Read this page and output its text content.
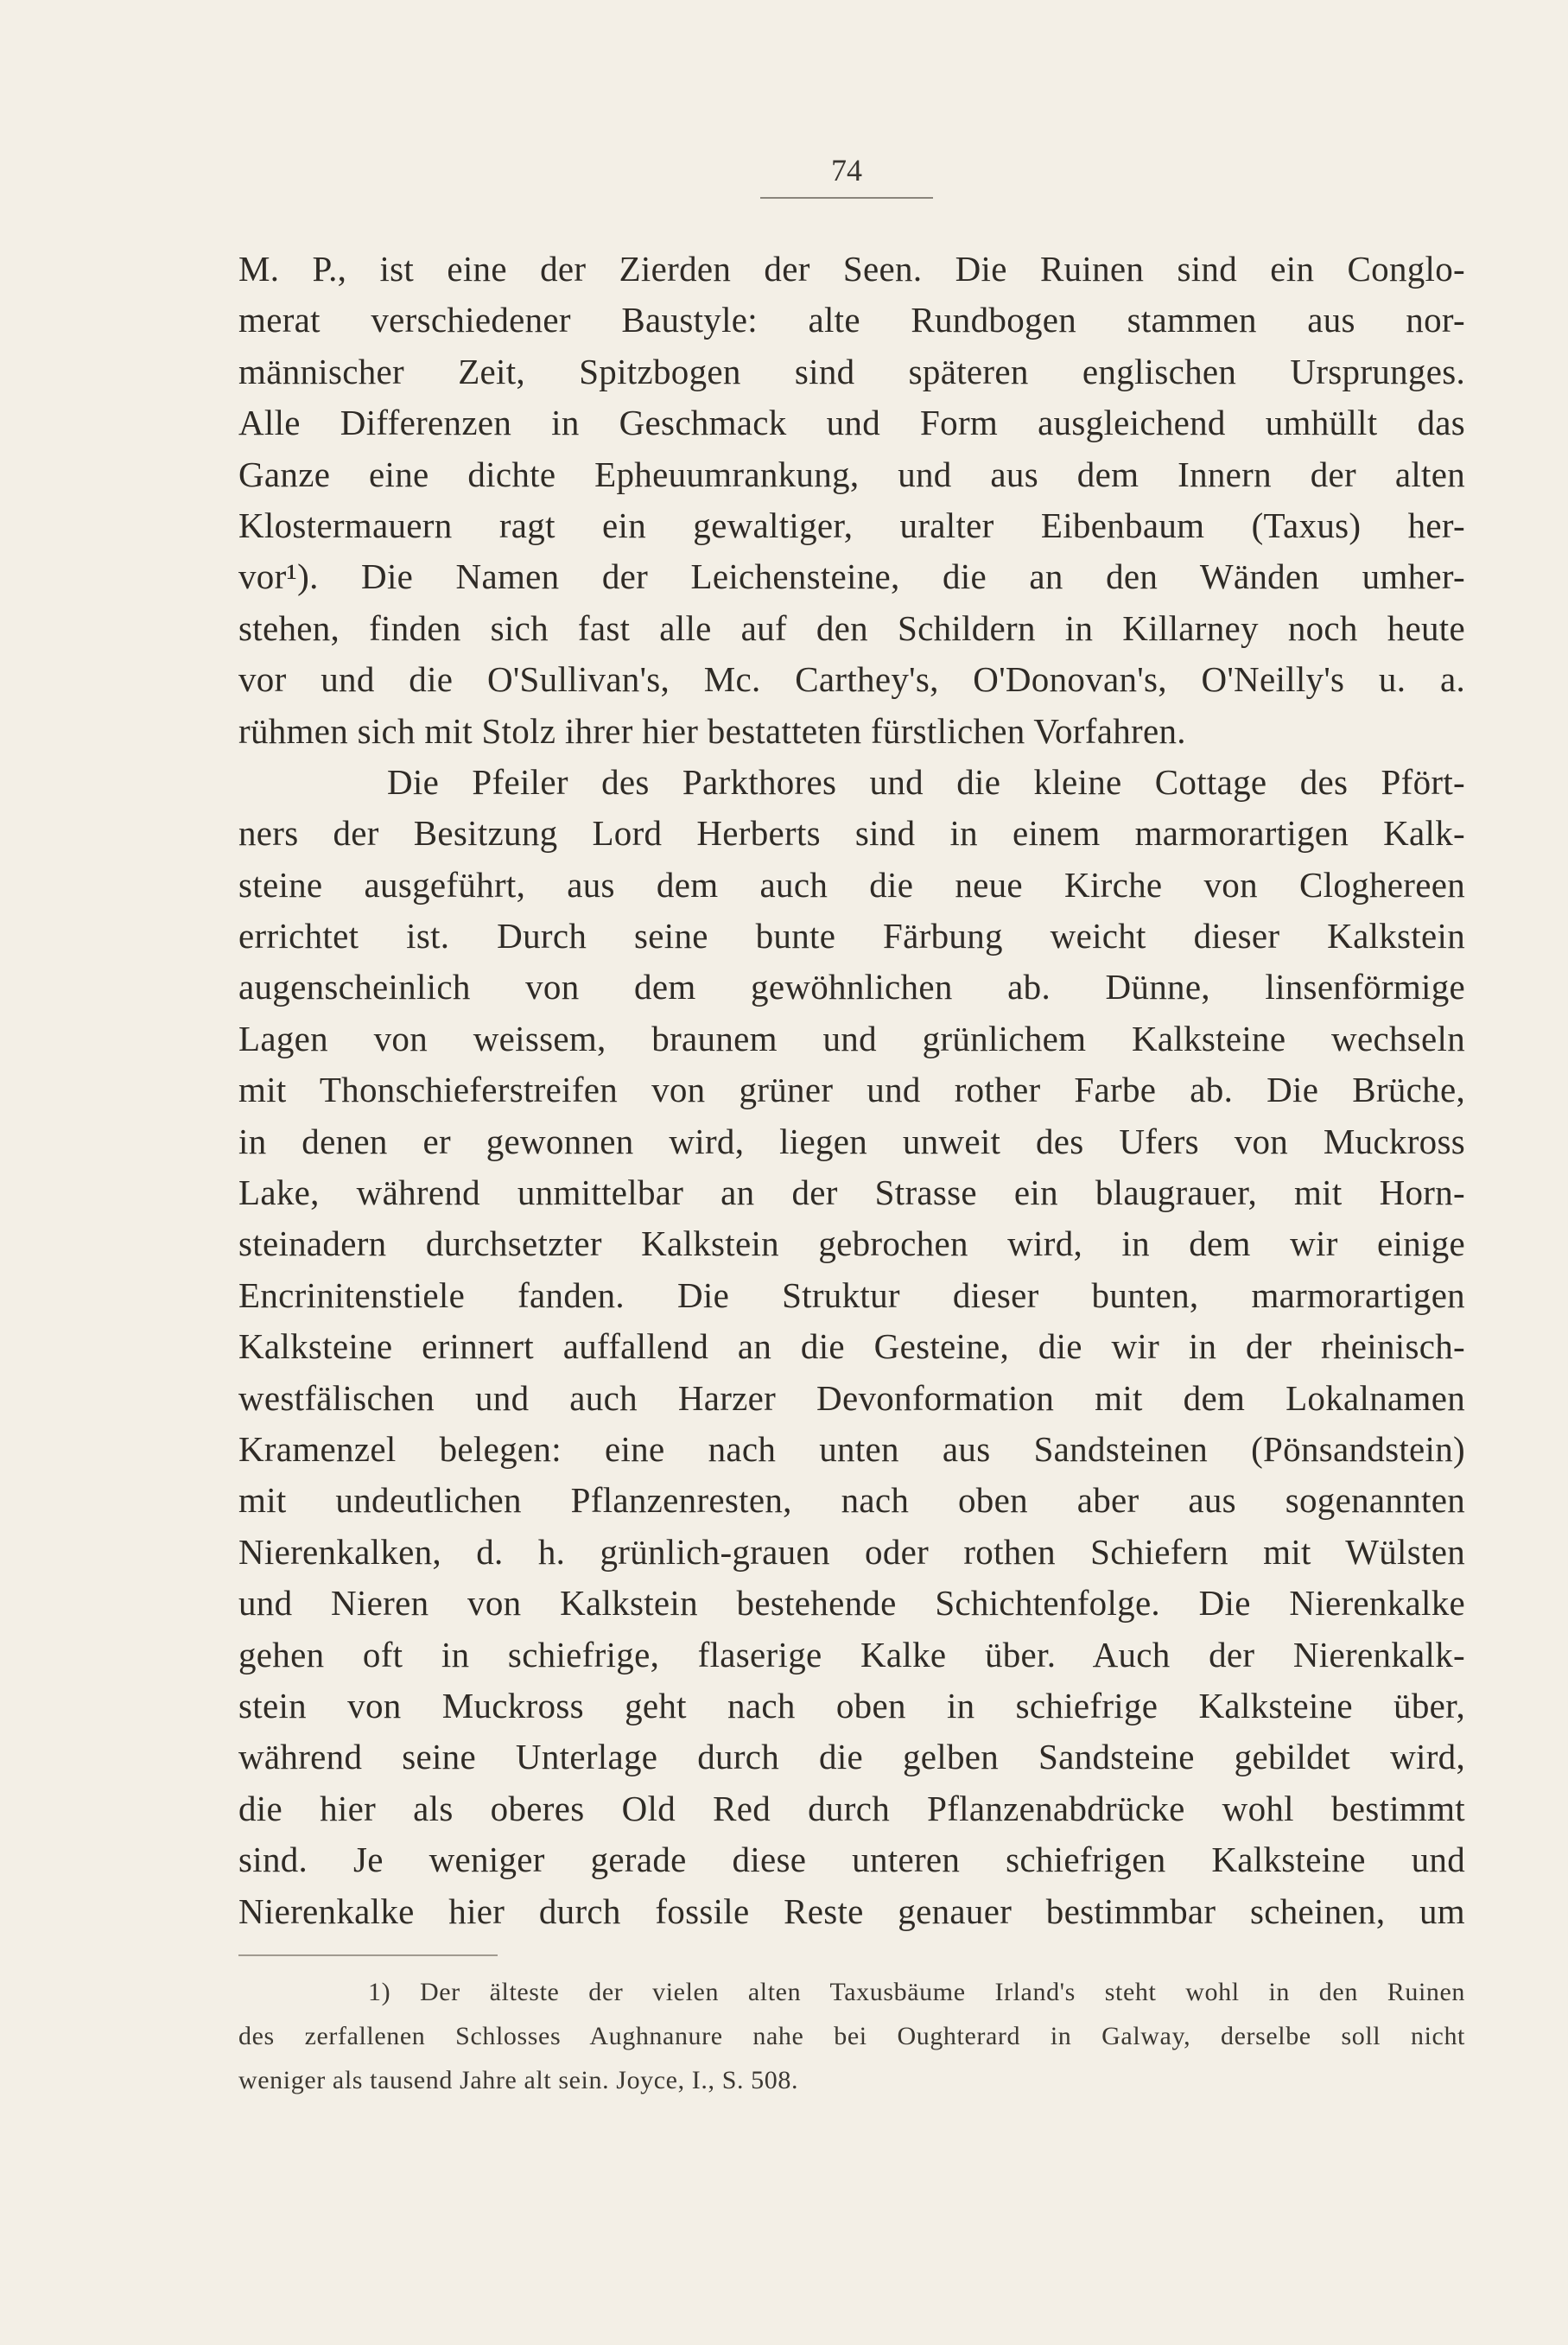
74
M. P., ist eine der Zierden der Seen. Die Ruinen sind ein Conglo-
merat verschiedener Baustyle: alte Rundbogen stammen aus nor-
männischer Zeit, Spitzbogen sind späteren englischen Ursprunges.
Alle Differenzen in Geschmack und Form ausgleichend umhüllt das
Ganze eine dichte Epheuumrankung, und aus dem Innern der alten
Klostermauern ragt ein gewaltiger, uralter Eibenbaum (Taxus) her-
vor¹). Die Namen der Leichensteine, die an den Wänden umher-
stehen, finden sich fast alle auf den Schildern in Killarney noch heute
vor und die O'Sullivan's, Mc. Carthey's, O'Donovan's, O'Neilly's u. a.
rühmen sich mit Stolz ihrer hier bestatteten fürstlichen Vorfahren.
Die Pfeiler des Parkthores und die kleine Cottage des Pfört-
ners der Besitzung Lord Herberts sind in einem marmorartigen Kalk-
steine ausgeführt, aus dem auch die neue Kirche von Cloghereen
errichtet ist. Durch seine bunte Färbung weicht dieser Kalkstein
augenscheinlich von dem gewöhnlichen ab. Dünne, linsenförmige
Lagen von weissem, braunem und grünlichem Kalksteine wechseln
mit Thonschieferstreifen von grüner und rother Farbe ab. Die Brüche,
in denen er gewonnen wird, liegen unweit des Ufers von Muckross
Lake, während unmittelbar an der Strasse ein blaugrauer, mit Horn-
steinadern durchsetzter Kalkstein gebrochen wird, in dem wir einige
Encrinitenstiele fanden. Die Struktur dieser bunten, marmorartigen
Kalksteine erinnert auffallend an die Gesteine, die wir in der rheinisch-
westfälischen und auch Harzer Devonformation mit dem Lokalnamen
Kramenzel belegen: eine nach unten aus Sandsteinen (Pönsandstein)
mit undeutlichen Pflanzenresten, nach oben aber aus sogenannten
Nierenkalken, d. h. grünlich-grauen oder rothen Schiefern mit Wülsten
und Nieren von Kalkstein bestehende Schichtenfolge. Die Nierenkalke
gehen oft in schiefrige, flaserige Kalke über. Auch der Nierenkalk-
stein von Muckross geht nach oben in schiefrige Kalksteine über,
während seine Unterlage durch die gelben Sandsteine gebildet wird,
die hier als oberes Old Red durch Pflanzenabdrücke wohl bestimmt
sind. Je weniger gerade diese unteren schiefrigen Kalksteine und
Nierenkalke hier durch fossile Reste genauer bestimmbar scheinen, um
1) Der älteste der vielen alten Taxusbäume Irland's steht wohl in den Ruinen
des zerfallenen Schlosses Aughnanure nahe bei Oughterard in Galway, derselbe soll nicht
weniger als tausend Jahre alt sein. Joyce, I., S. 508.
